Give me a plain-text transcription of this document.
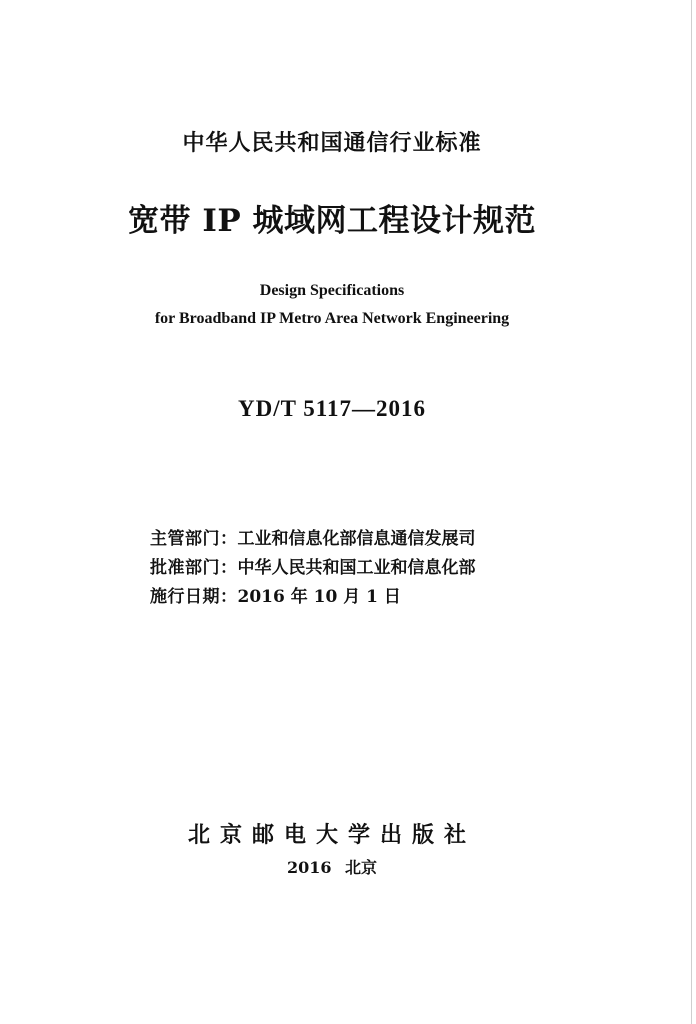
中华人民共和国通信行业标准
宽带 IP 城域网工程设计规范
Design Specifications
for Broadband IP Metro Area Network Engineering
YD/T 5117—2016
主管部门：工业和信息化部信息通信发展司
批准部门：中华人民共和国工业和信息化部
施行日期：2016 年 10 月 1 日
北京邮电大学出版社
2016 北京
